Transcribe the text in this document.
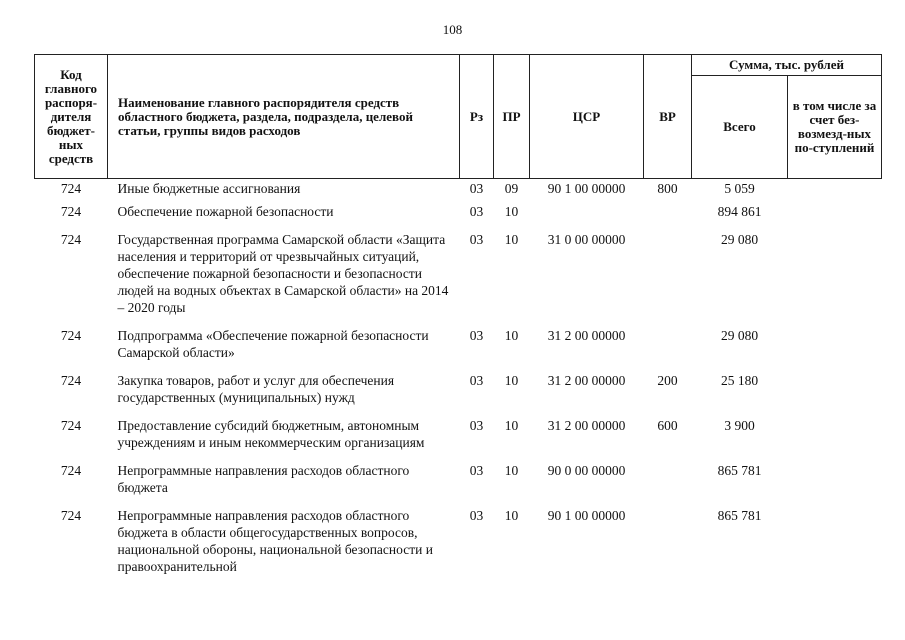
108
Код главного распоря-дителя бюджет-ных средств	Наименование главного распорядителя средств областного бюджета, раздела, подраздела, целевой статьи, группы видов расходов	Рз	ПР	ЦСР	ВР	Сумма, тыс. рублей	
						Всего	в том числе за счет без-возмезд-ных по-ступлений
724	Иные бюджетные ассигнования	03	09	90 1 00 00000	800	5 059	
724	Обеспечение пожарной безопасности	03	10			894 861	
724	Государственная программа Самарской области «Защита населения и территорий от чрезвычайных ситуаций, обеспечение пожарной безопасности и безопасности людей на водных объектах в Самарской области» на 2014 – 2020 годы	03	10	31 0 00 00000		29 080	
724	Подпрограмма «Обеспечение пожарной безопасности Самарской области»	03	10	31 2 00 00000		29 080	
724	Закупка товаров, работ и услуг для обеспечения государственных (муниципальных) нужд	03	10	31 2 00 00000	200	25 180	
724	Предоставление субсидий бюджетным, автономным учреждениям и иным некоммерческим организациям	03	10	31 2 00 00000	600	3 900	
724	Непрограммные направления расходов областного бюджета	03	10	90 0 00 00000		865 781	
724	Непрограммные направления расходов областного бюджета в области общегосударственных вопросов, национальной обороны, национальной безопасности и правоохранительной	03	10	90 1 00 00000		865 781	
